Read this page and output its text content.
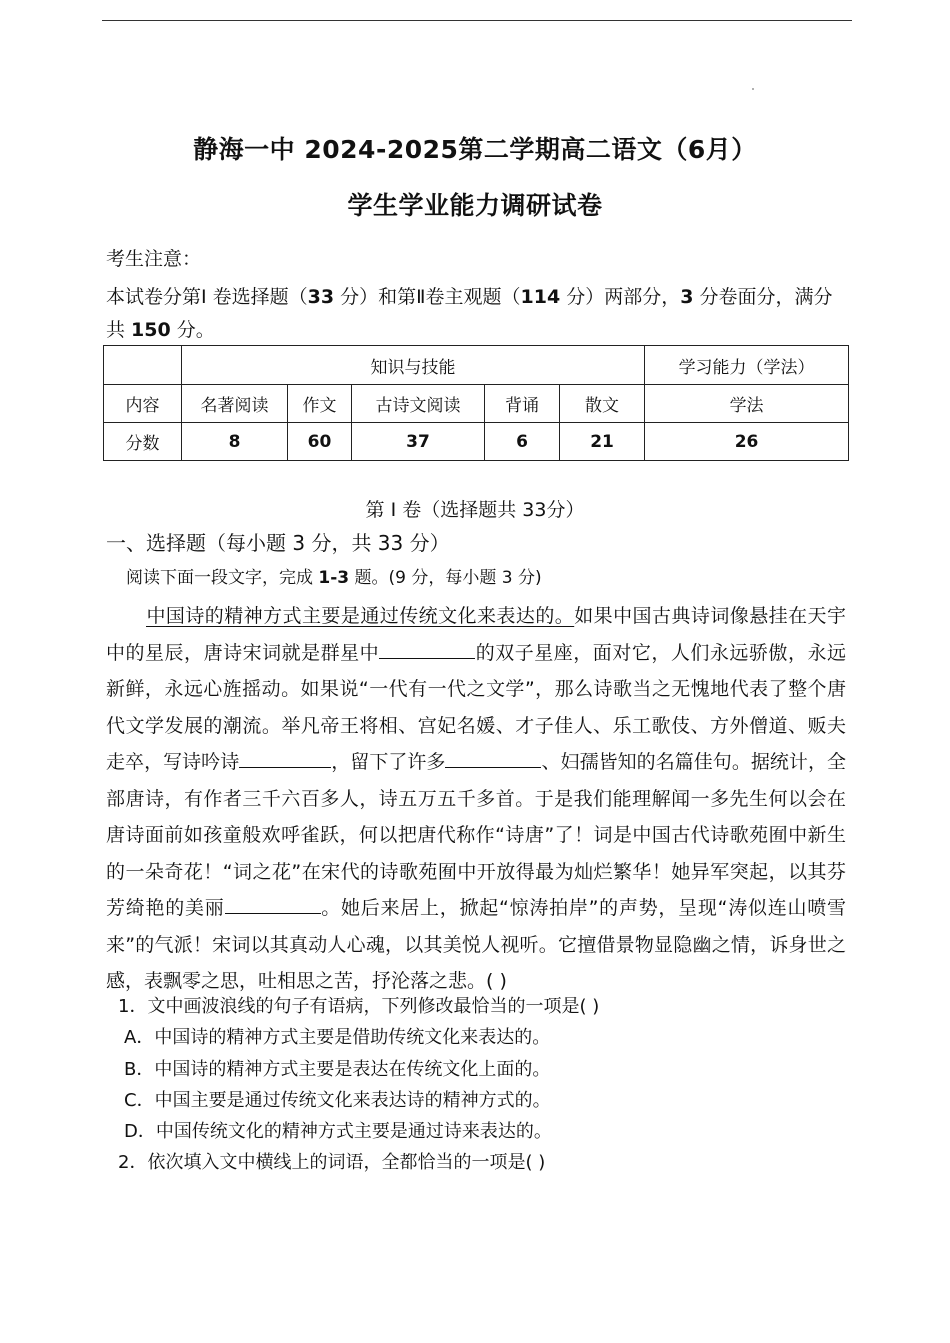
静海一中 2024-2025第二学期高二语文（6月）
学生学业能力调研试卷
考生注意：
本试卷分第Ⅰ 卷选择题（33 分）和第Ⅱ卷主观题（114 分）两部分，3 分卷面分，满分共 150 分。
	知识与技能					学习能力（学法）
内容	名著阅读	作文	古诗文阅读	背诵	散文	学法
分数	8	60	37	6	21	26
第 Ⅰ 卷（选择题共 33分）
一、选择题（每小题 3 分，共 33 分）
阅读下面一段文字，完成 1-3 题。(9 分，每小题 3 分)
中国诗的精神方式主要是通过传统文化来表达的。如果中国古典诗词像悬挂在天宇中的星辰，唐诗宋词就是群星中	的双子星座，面对它，人们永远骄傲，永远新鲜，永远心旌摇动。如果说“一代有一代之文学”，那么诗歌当之无愧地代表了整个唐代文学发展的潮流。举凡帝王将相、宫妃名媛、才子佳人、乐工歌伎、方外僧道、贩夫走卒，写诗吟诗	，留下了许多	、妇孺皆知的名篇佳句。据统计，全部唐诗，有作者三千六百多人，诗五万五千多首。于是我们能理解闻一多先生何以会在唐诗面前如孩童般欢呼雀跃，何以把唐代称作“诗唐”了！词是中国古代诗歌苑囿中新生的一朵奇花！“词之花”在宋代的诗歌苑囿中开放得最为灿烂繁华！她异军突起，以其芬芳绮艳的美丽	。她后来居上，掀起“惊涛拍岸”的声势，呈现“涛似连山喷雪来”的气派！宋词以其真动人心魂，以其美悦人视听。它擅借景物显隐幽之情，诉身世之感，表飘零之思，吐相思之苦，抒沦落之悲。( )
1．文中画波浪线的句子有语病，下列修改最恰当的一项是( )
A．中国诗的精神方式主要是借助传统文化来表达的。
B．中国诗的精神方式主要是表达在传统文化上面的。
C．中国主要是通过传统文化来表达诗的精神方式的。
D．中国传统文化的精神方式主要是通过诗来表达的。
2．依次填入文中横线上的词语，全都恰当的一项是( )
